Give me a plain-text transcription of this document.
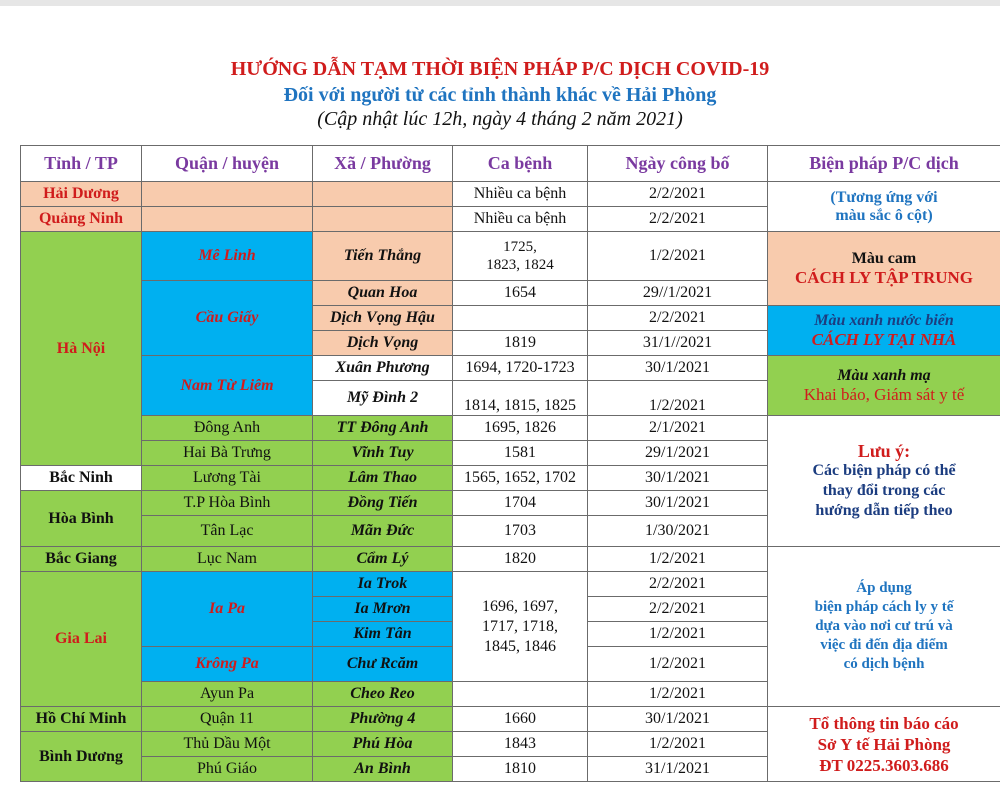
HƯỚNG DẪN TẠM THỜI BIỆN PHÁP P/C DỊCH COVID-19
Đối với người từ các tỉnh thành khác về Hải Phòng
(Cập nhật lúc 12h, ngày 4 tháng 2 năm 2021)
Tỉnh / TP	Quận / huyện	Xã / Phường	Ca bệnh	Ngày công bố	Biện pháp P/C dịch
Hải Dương			Nhiều ca bệnh	2/2/2021	(Tương ứng với
màu sắc ô cột)

Quảng Ninh			Nhiều ca bệnh	2/2/2021	
Hà Nội	Mê Linh	Tiến Thắng	1725,
1823, 1824	1/2/2021	Màu cam
CÁCH LY TẬP TRUNG

	Cầu Giấy	Quan Hoa	1654	29//1/2021	
		Dịch Vọng Hậu		2/2/2021	Màu xanh nước biển
CÁCH LY TẠI NHÀ

		Dịch Vọng	1819	31/1//2021	
	Nam Từ Liêm	Xuân Phương	1694, 1720-1723	30/1/2021	Màu xanh mạ
Khai báo, Giám sát y tế

		Mỹ Đình 2	1814, 1815, 1825	1/2/2021	
	Đông Anh	TT Đông Anh	1695, 1826	2/1/2021	Lưu ý:
Các biện pháp có thể
thay đổi trong các
hướng dẫn tiếp theo

	Hai Bà Trưng	Vĩnh Tuy	1581	29/1/2021	
Bắc Ninh	Lương Tài	Lâm Thao	1565, 1652, 1702	30/1/2021	
Hòa Bình	T.P Hòa Bình	Đồng Tiến	1704	30/1/2021	
	Tân Lạc	Mãn Đức	1703	1/30/2021	
Bắc Giang	Lục Nam	Cẩm Lý	1820	1/2/2021	Áp dụng
biện pháp cách ly y tế
dựa vào nơi cư trú và
việc đi đến địa điểm
có dịch bệnh

Gia Lai	Ia Pa	Ia Trok	1696, 1697,
1717, 1718,
1845, 1846	2/2/2021	
		Ia Mrơn		2/2/2021	
		Kim Tân		1/2/2021	
	Krông Pa	Chư Rcăm		1/2/2021	
	Ayun Pa	Cheo Reo		1/2/2021	
Hồ Chí Minh	Quận 11	Phường 4	1660	30/1/2021	Tổ thông tin báo cáo
Sở Y tế Hải Phòng
ĐT 0225.3603.686

Bình Dương	Thủ Dầu Một	Phú Hòa	1843	1/2/2021	
	Phú Giáo	An Bình	1810	31/1/2021	
